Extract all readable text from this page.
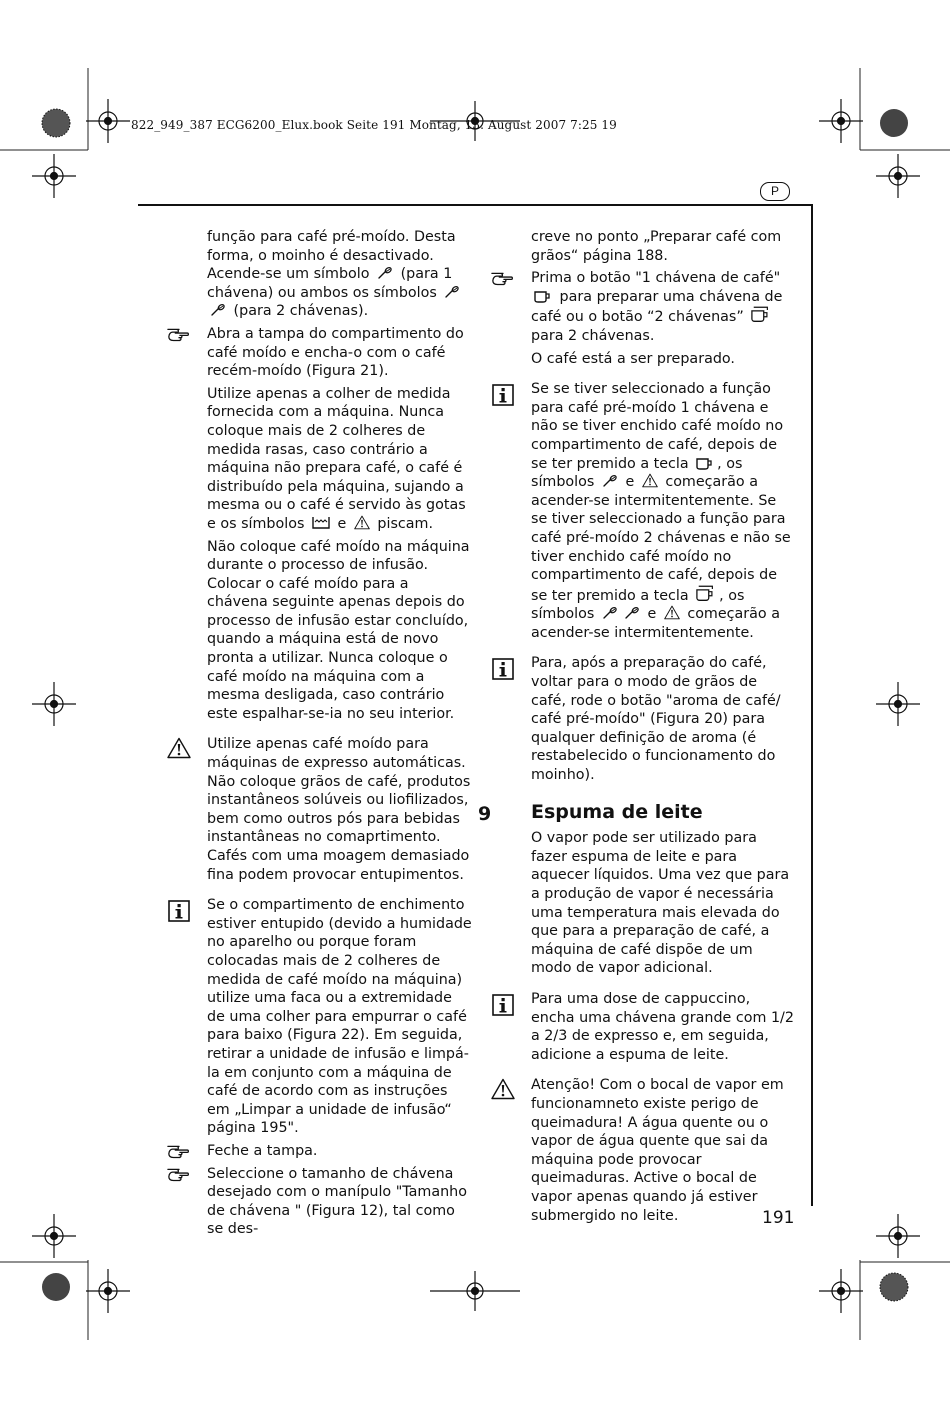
822_949_387 ECG6200_Elux.book Seite 191 Montag, 13. August 2007 7:25 19
P

função para café pré-moído. Desta forma, o moinho é desactivado. Acende-se um símbolo (para 1 chávena) ou ambos os símbolos  (para 2 chávenas).

Abra a tampa do compartimento do café moído e encha-o com o café recém-moído (Figura 21).

Utilize apenas a colher de medida fornecida com a máquina. Nunca coloque mais de 2 colheres de medida rasas, caso contrário a máquina não prepara café, o café é distribuído pela máquina, sujando a mesma ou o café é servido às gotas e os símbolos e piscam.

Não coloque café moído na máquina durante o processo de infusão. Colocar o café moído para a chávena seguinte apenas depois do processo de infusão estar concluído, quando a máquina está de novo pronta a utilizar. Nunca coloque o café moído na máquina com a mesma desligada, caso contrário este espalhar-se-ia no seu interior.

Utilize apenas café moído para máquinas de expresso automáticas. Não coloque grãos de café, produtos instantâneos solúveis ou liofilizados, bem como outros pós para bebidas instantâneas no comaprtimento. Cafés com uma moagem demasiado fina podem provocar entupimentos.

Se o compartimento de enchimento estiver entupido (devido a humidade no aparelho ou porque foram colocadas mais de 2 colheres de medida de café moído na máquina) utilize uma faca ou a extremidade de uma colher para empurrar o café para baixo (Figura 22). Em seguida, retirar a unidade de infusão e limpá-la em conjunto com a máquina de café de acordo com as instruções em „Limpar a unidade de infusão“ página 195".

Feche a tampa.

Seleccione o tamanho de chávena desejado com o manípulo "Tamanho de chávena " (Figura 12), tal como se des-

creve no ponto „Preparar café com grãos“ página 188.

Prima o botão "1 chávena de café"  para preparar uma chávena de café ou o botão “2 chávenas”  para 2 chávenas.

O café está a ser preparado.

Se se tiver seleccionado a função para café pré-moído 1 chávena e não se tiver enchido café moído no compartimento de café, depois de se ter premido a tecla , os símbolos e começarão a acender-se intermitentemente. Se se tiver seleccionado a função para café pré-moído 2 chávenas e não se tiver enchido café moído no compartimento de café, depois de se ter premido a tecla , os símbolos	e começarão a acender-se intermitentemente.

Para, após a preparação do café, voltar para o modo de grãos de café, rode o botão "aroma de café/ café pré-moído" (Figura 20) para qualquer definição de aroma (é restabelecido o funcionamento do moinho).

9 Espuma de leite

O vapor pode ser utilizado para fazer espuma de leite e para aquecer líquidos. Uma vez que para a produção de vapor é necessária uma temperatura mais elevada do que para a preparação de café, a máquina de café dispõe de um modo de vapor adicional.

Para uma dose de cappuccino, encha uma chávena grande com 1/2 a 2/3 de expresso e, em seguida, adicione a espuma de leite.

Atenção! Com o bocal de vapor em funcionamneto existe perigo de queimadura! A água quente ou o vapor de água quente que sai da máquina pode provocar queimaduras. Active o bocal de vapor apenas quando já estiver submergido no leite.	191
